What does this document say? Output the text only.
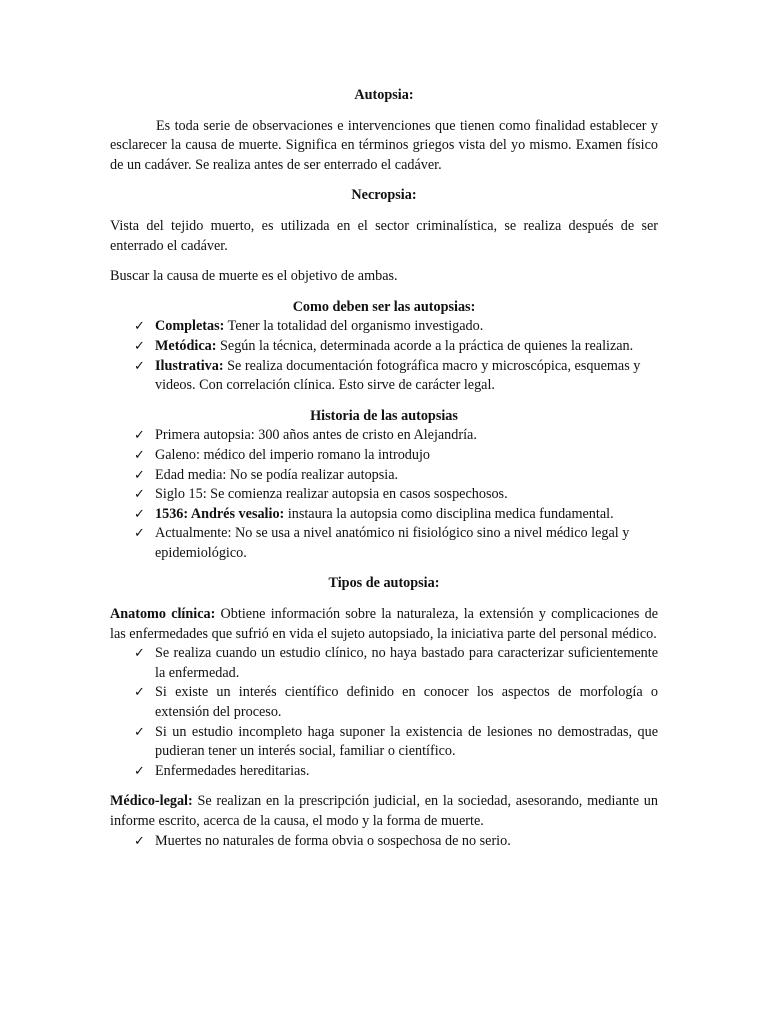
Autopsia:

Es toda serie de observaciones e intervenciones que tienen como finalidad establecer y esclarecer la causa de muerte. Significa en términos griegos vista del yo mismo. Examen físico de un cadáver. Se realiza antes de ser enterrado el cadáver.

Necropsia:

Vista del tejido muerto, es utilizada en el sector criminalística, se realiza después de ser enterrado el cadáver.

Buscar la causa de muerte es el objetivo de ambas.

Como deben ser las autopsias:

✓ Completas: Tener la totalidad del organismo investigado.
✓ Metódica: Según la técnica, determinada acorde a la práctica de quienes la realizan.
✓ Ilustrativa: Se realiza documentación fotográfica macro y microscópica, esquemas y videos. Con correlación clínica. Esto sirve de carácter legal.

Historia de las autopsias

✓ Primera autopsia: 300 años antes de cristo en Alejandría.
✓ Galeno: médico del imperio romano la introdujo
✓ Edad media: No se podía realizar autopsia.
✓ Siglo 15: Se comienza realizar autopsia en casos sospechosos.
✓ 1536: Andrés vesalio: instaura la autopsia como disciplina medica fundamental.
✓ Actualmente: No se usa a nivel anatómico ni fisiológico sino a nivel médico legal y epidemiológico.

Tipos de autopsia:

Anatomo clínica: Obtiene información sobre la naturaleza, la extensión y complicaciones de las enfermedades que sufrió en vida el sujeto autopsiado, la iniciativa parte del personal médico.

✓ Se realiza cuando un estudio clínico, no haya bastado para caracterizar suficientemente la enfermedad.
✓ Si existe un interés científico definido en conocer los aspectos de morfología o extensión del proceso.
✓ Si un estudio incompleto haga suponer la existencia de lesiones no demostradas, que pudieran tener un interés social, familiar o científico.
✓ Enfermedades hereditarias.

Médico-legal: Se realizan en la prescripción judicial, en la sociedad, asesorando, mediante un informe escrito, acerca de la causa, el modo y la forma de muerte.

✓ Muertes no naturales de forma obvia o sospechosa de no serio.
